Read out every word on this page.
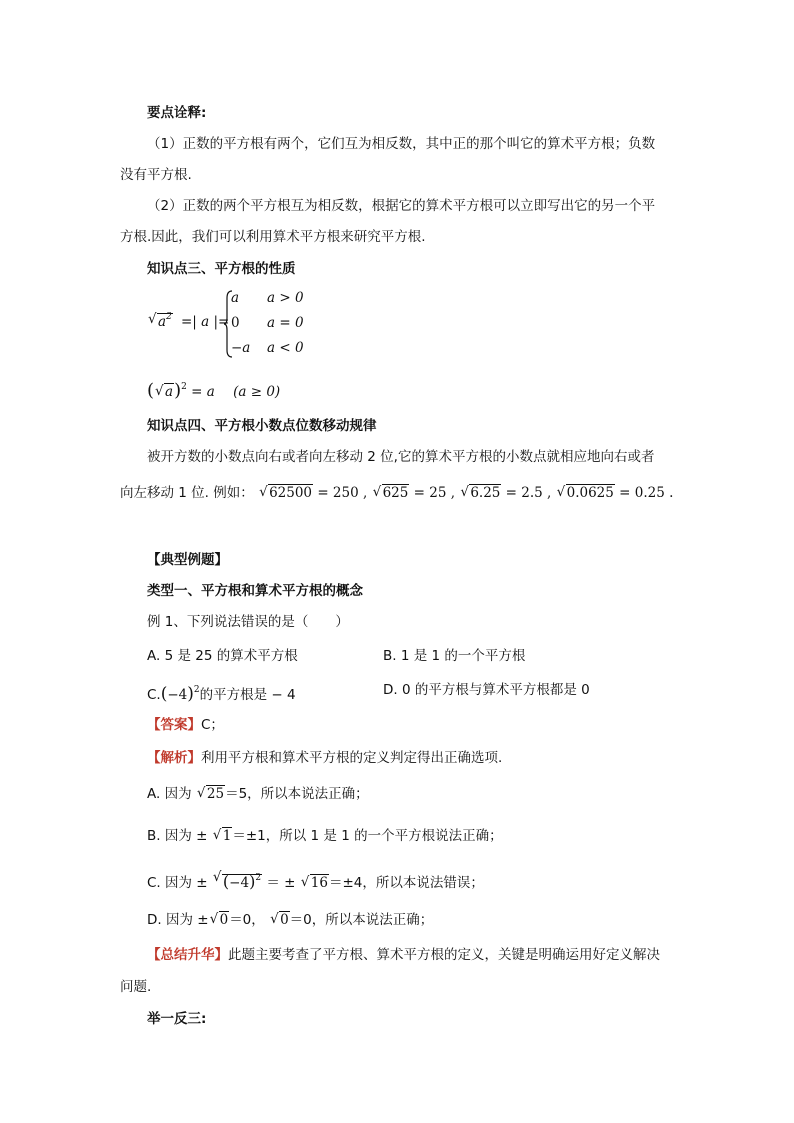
要点诠释:
（1）正数的平方根有两个，它们互为相反数，其中正的那个叫它的算术平方根；负数
没有平方根.
（2）正数的两个平方根互为相反数，根据它的算术平方根可以立即写出它的另一个平
方根.因此，我们可以利用算术平方根来研究平方根.
知识点三、平方根的性质
√ $a^2$ =| a |=
a a > 0
0 a = 0
−a a < 0
( √ a)$^2$ = a (a ≥ 0)
知识点四、平方根小数点位数移动规律
被开方数的小数点向右或者向左移动 2 位,它的算术平方根的小数点就相应地向右或者
向左移动 1 位. 例如： √ 62500 = 250 , √ 625 = 25 , √ 6.25 = 2.5 , √ 0.0625 = 0.25 .
【典型例题】
类型一、平方根和算术平方根的概念
例 1、下列说法错误的是（　　）
A. 5 是 25 的算术平方根	B. 1 是 1 的一个平方根
$C.(-4)^2$的平方根是 − 4	D. 0 的平方根与算术平方根都是 0
【答案】C；
【解析】利用平方根和算术平方根的定义判定得出正确选项.
A. 因为 √ 25＝5，所以本说法正确；
B. 因为 ± √ 1＝±1，所以 1 是 1 的一个平方根说法正确；
C. 因为 ± √ $(-4)^2$ ＝ ± √ 16＝±4，所以本说法错误；
D. 因为 ± √ 0＝0， √ 0＝0，所以本说法正确；
【总结升华】此题主要考查了平方根、算术平方根的定义，关键是明确运用好定义解决
问题.
举一反三:
